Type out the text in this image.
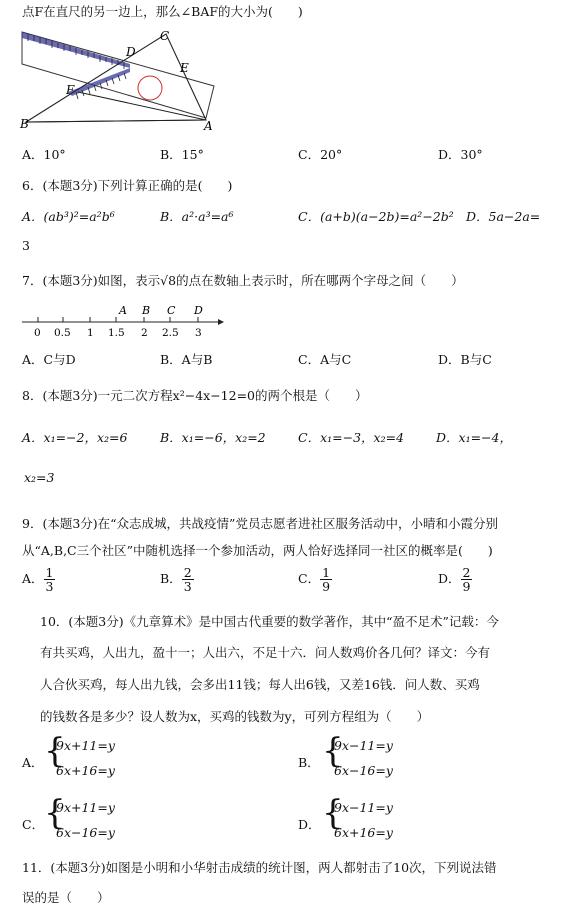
点F在直尺的另一边上，那么∠BAF的大小为(　　)
B
F
D
C
E
A
A．10°	B．15°	C．20°	D．30°
6．(本题3分)下列计算正确的是(　　)
A．(ab³)²=a²b⁶	B．a²·a³=a⁶	C．(a+b)(a−2b)=a²−2b² D．5a−2a=
3
7．(本题3分)如图，表示√8的点在数轴上表示时，所在哪两个字母之间（　　）
A B C D
0 0.5 1 1.5 2 2.5 3
A．C与D	B．A与B	C．A与C	D．B与C
8．(本题3分)一元二次方程x²−4x−12=0的两个根是（　　）
A．x₁=−2，x₂=6	B．x₁=−6，x₂=2	C．x₁=−3，x₂=4	D．x₁=−4，
x₂=3
9．(本题3分)在“众志成城，共战疫情”党员志愿者进社区服务活动中，小晴和小霞分别
从“A,B,C三个社区”中随机选择一个参加活动，两人恰好选择同一社区的概率是(　　)
A． $\frac{1}{3}$	B． $\frac{2}{3}$	C． $\frac{1}{9}$	D． $\frac{2}{9}$
10．(本题3分)《九章算术》是中国古代重要的数学著作，其中“盈不足术”记载：今
有共买鸡，人出九，盈十一；人出六，不足十六．问人数鸡价各几何？译文：今有
人合伙买鸡，每人出九钱，会多出11钱；每人出6钱，又差16钱．问人数、买鸡
的钱数各是多少？设人数为x，买鸡的钱数为y，可列方程组为（　　）
A． {
9x+11=y
6x+16=y
B． {
9x−11=y
6x−16=y
C． {
9x+11=y
6x−16=y
D． {
9x−11=y
6x+16=y
11．(本题3分)如图是小明和小华射击成绩的统计图，两人都射击了10次，下列说法错
误的是（　　）
